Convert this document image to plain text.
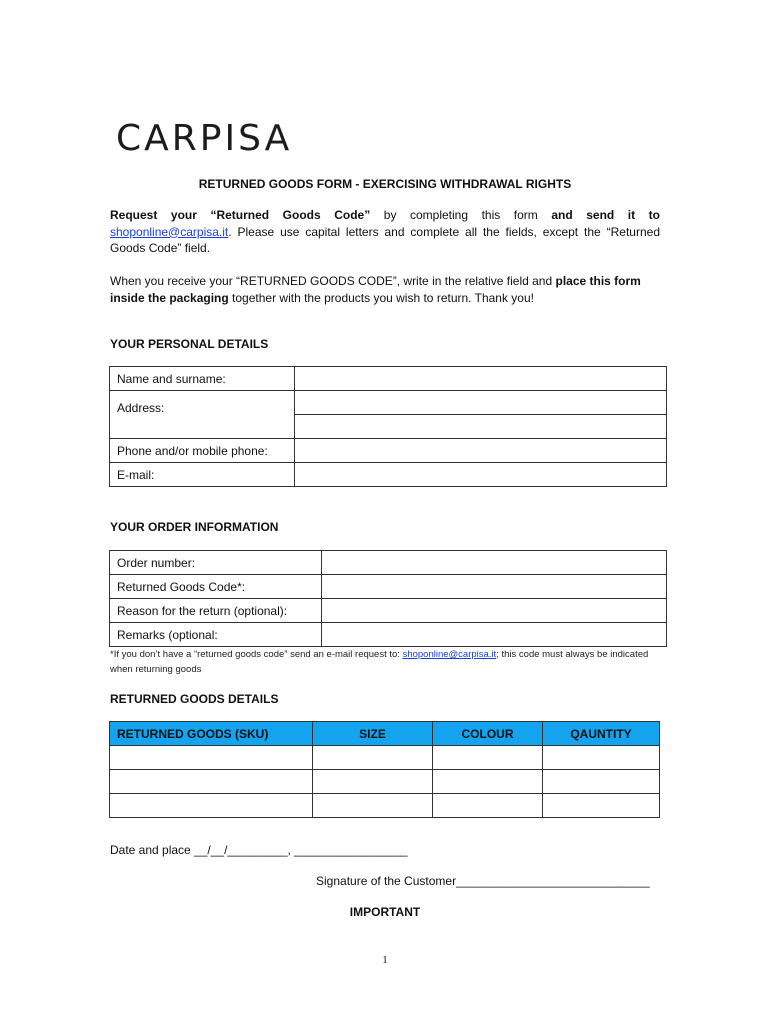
CARPISA
RETURNED GOODS FORM - EXERCISING WITHDRAWAL RIGHTS
Request your “Returned Goods Code” by completing this form and send it to shoponline@carpisa.it. Please use capital letters and complete all the fields, except the “Returned Goods Code” field.
When you receive your “RETURNED GOODS CODE”, write in the relative field and place this form inside the packaging together with the products you wish to return. Thank you!
YOUR PERSONAL DETAILS
Name and surname:	
Address:	

Phone and/or mobile phone:	
E-mail:	
YOUR ORDER INFORMATION
Order number:	
Returned Goods Code*:	
Reason for the return (optional):	
Remarks (optional:	
*If you don’t have a “returned goods code” send an e-mail request to: shoponline@carpisa.it; this code must always be indicated when returning goods
RETURNED GOODS DETAILS
RETURNED GOODS (SKU)	SIZE	COLOUR	QAUNTITY

Date and place __/__/_________, _________________
Signature of the Customer_____________________________
IMPORTANT
1
